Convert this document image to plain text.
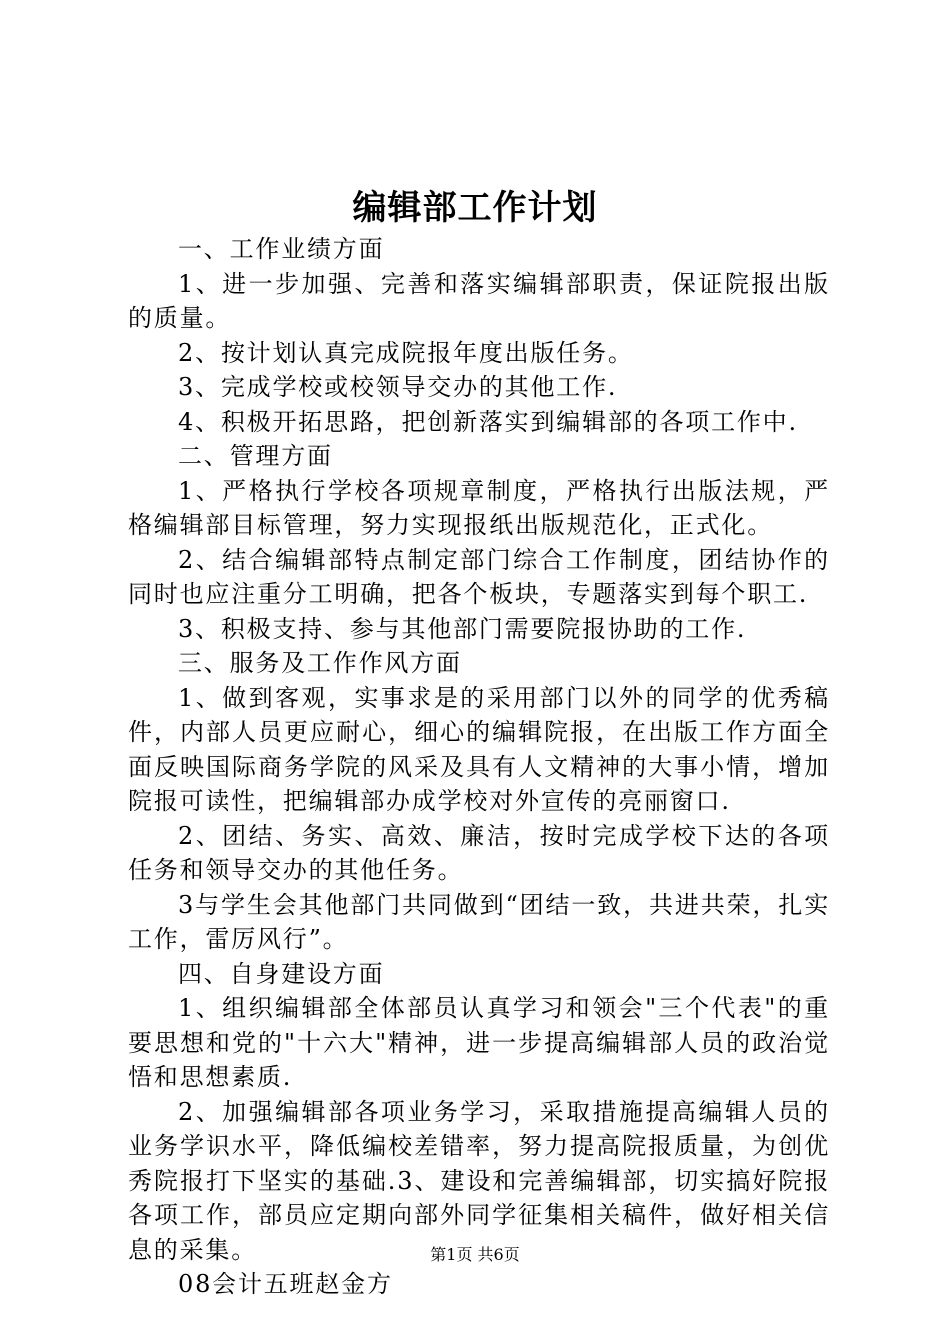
编辑部工作计划

一、工作业绩方面

1、进一步加强、完善和落实编辑部职责，保证院报出版的质量。

2、按计划认真完成院报年度出版任务。

3、完成学校或校领导交办的其他工作.

4、积极开拓思路，把创新落实到编辑部的各项工作中.

二、管理方面

1、严格执行学校各项规章制度，严格执行出版法规，严格编辑部目标管理，努力实现报纸出版规范化，正式化。

2、结合编辑部特点制定部门综合工作制度，团结协作的同时也应注重分工明确，把各个板块，专题落实到每个职工.

3、积极支持、参与其他部门需要院报协助的工作.

三、服务及工作作风方面

1、做到客观，实事求是的采用部门以外的同学的优秀稿件，内部人员更应耐心，细心的编辑院报，在出版工作方面全面反映国际商务学院的风采及具有人文精神的大事小情，增加院报可读性，把编辑部办成学校对外宣传的亮丽窗口.

2、团结、务实、高效、廉洁，按时完成学校下达的各项任务和领导交办的其他任务。

3与学生会其他部门共同做到“团结一致，共进共荣，扎实工作，雷厉风行”。

四、自身建设方面

1、组织编辑部全体部员认真学习和领会"三个代表"的重要思想和党的"十六大"精神，进一步提高编辑部人员的政治觉悟和思想素质.

2、加强编辑部各项业务学习，采取措施提高编辑人员的业务学识水平，降低编校差错率，努力提高院报质量，为创优秀院报打下坚实的基础.3、建设和完善编辑部，切实搞好院报各项工作，部员应定期向部外同学征集相关稿件，做好相关信息的采集。

08会计五班赵金方

第1页 共6页
